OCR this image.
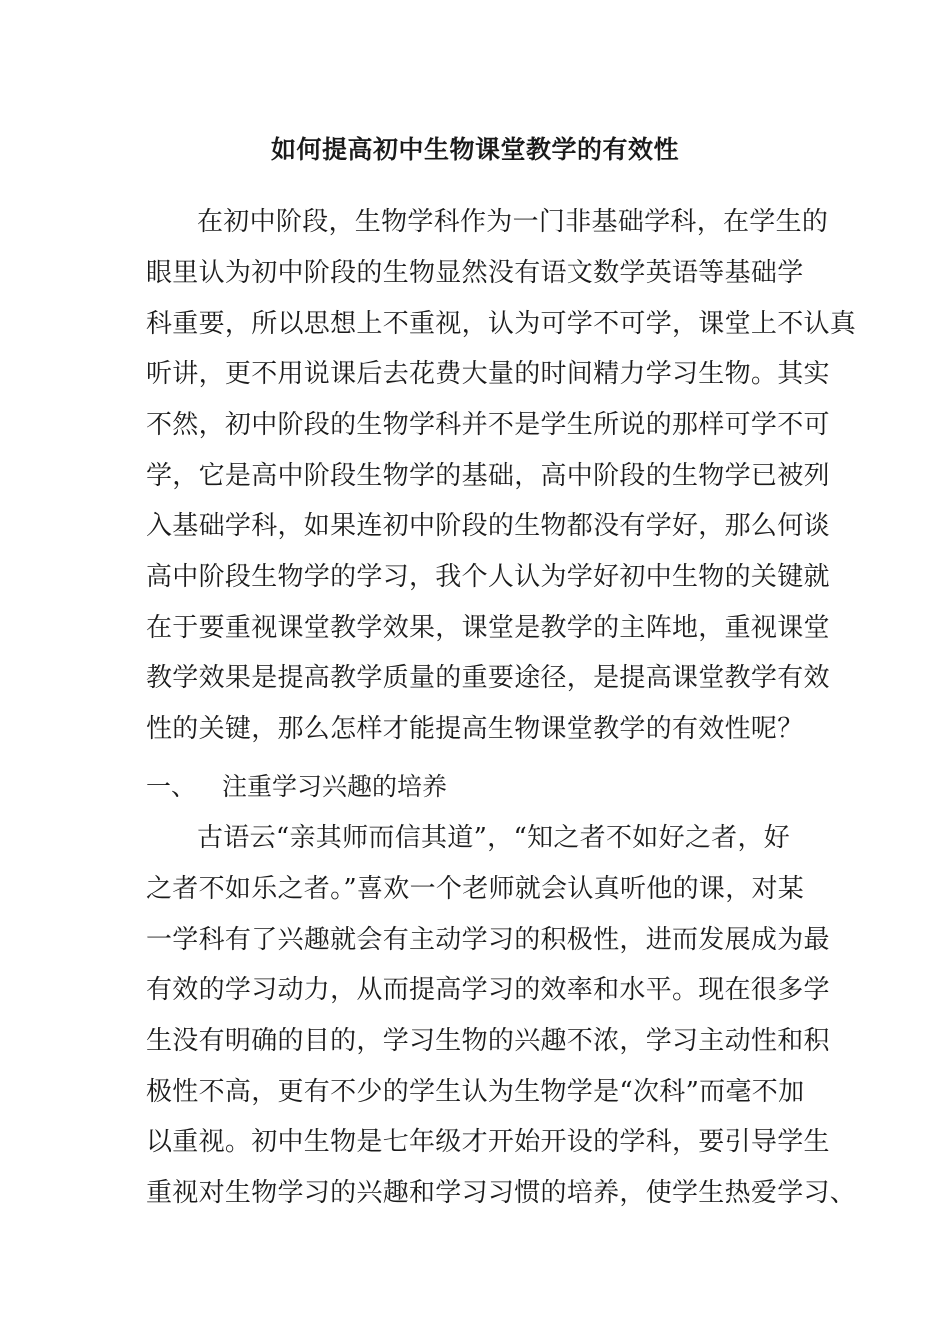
如何提高初中生物课堂教学的有效性
在初中阶段，生物学科作为一门非基础学科，在学生的
眼里认为初中阶段的生物显然没有语文数学英语等基础学
科重要，所以思想上不重视，认为可学不可学，课堂上不认真
听讲，更不用说课后去花费大量的时间精力学习生物。其实
不然，初中阶段的生物学科并不是学生所说的那样可学不可
学，它是高中阶段生物学的基础，高中阶段的生物学已被列
入基础学科，如果连初中阶段的生物都没有学好，那么何谈
高中阶段生物学的学习，我个人认为学好初中生物的关键就
在于要重视课堂教学效果，课堂是教学的主阵地，重视课堂
教学效果是提高教学质量的重要途径，是提高课堂教学有效
性的关键，那么怎样才能提高生物课堂教学的有效性呢？
一、 注重学习兴趣的培养
古语云“亲其师而信其道”，“知之者不如好之者，好
之者不如乐之者。”喜欢一个老师就会认真听他的课，对某
一学科有了兴趣就会有主动学习的积极性，进而发展成为最
有效的学习动力，从而提高学习的效率和水平。现在很多学
生没有明确的目的，学习生物的兴趣不浓，学习主动性和积
极性不高，更有不少的学生认为生物学是“次科”而毫不加
以重视。初中生物是七年级才开始开设的学科，要引导学生
重视对生物学习的兴趣和学习习惯的培养，使学生热爱学习、
